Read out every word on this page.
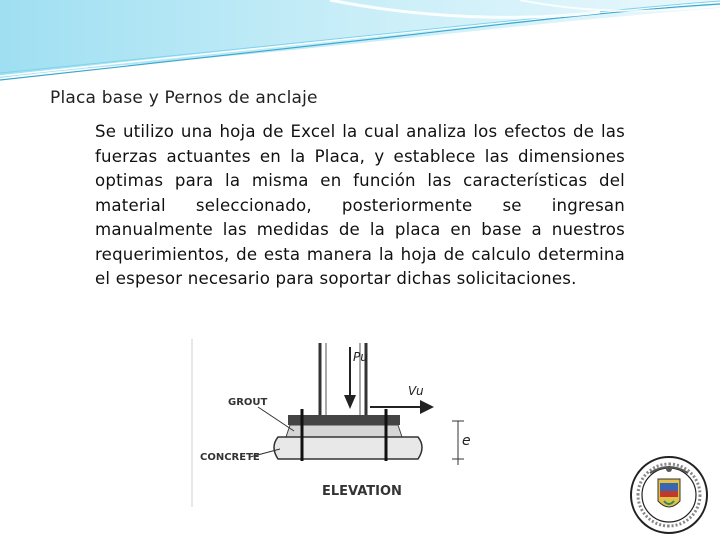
Placa base y Pernos de anclaje

Se utilizo una hoja de Excel la cual analiza los efectos de las fuerzas actuantes en la Placa, y establece las dimensiones optimas para la misma en función las características del material seleccionado, posteriormente se ingresan manualmente las medidas de la placa en base a nuestros requerimientos, de esta manera la hoja de calculo determina el espesor necesario para soportar dichas solicitaciones.

Pu
Vu
e
GROUT
CONCRETE
ELEVATION
